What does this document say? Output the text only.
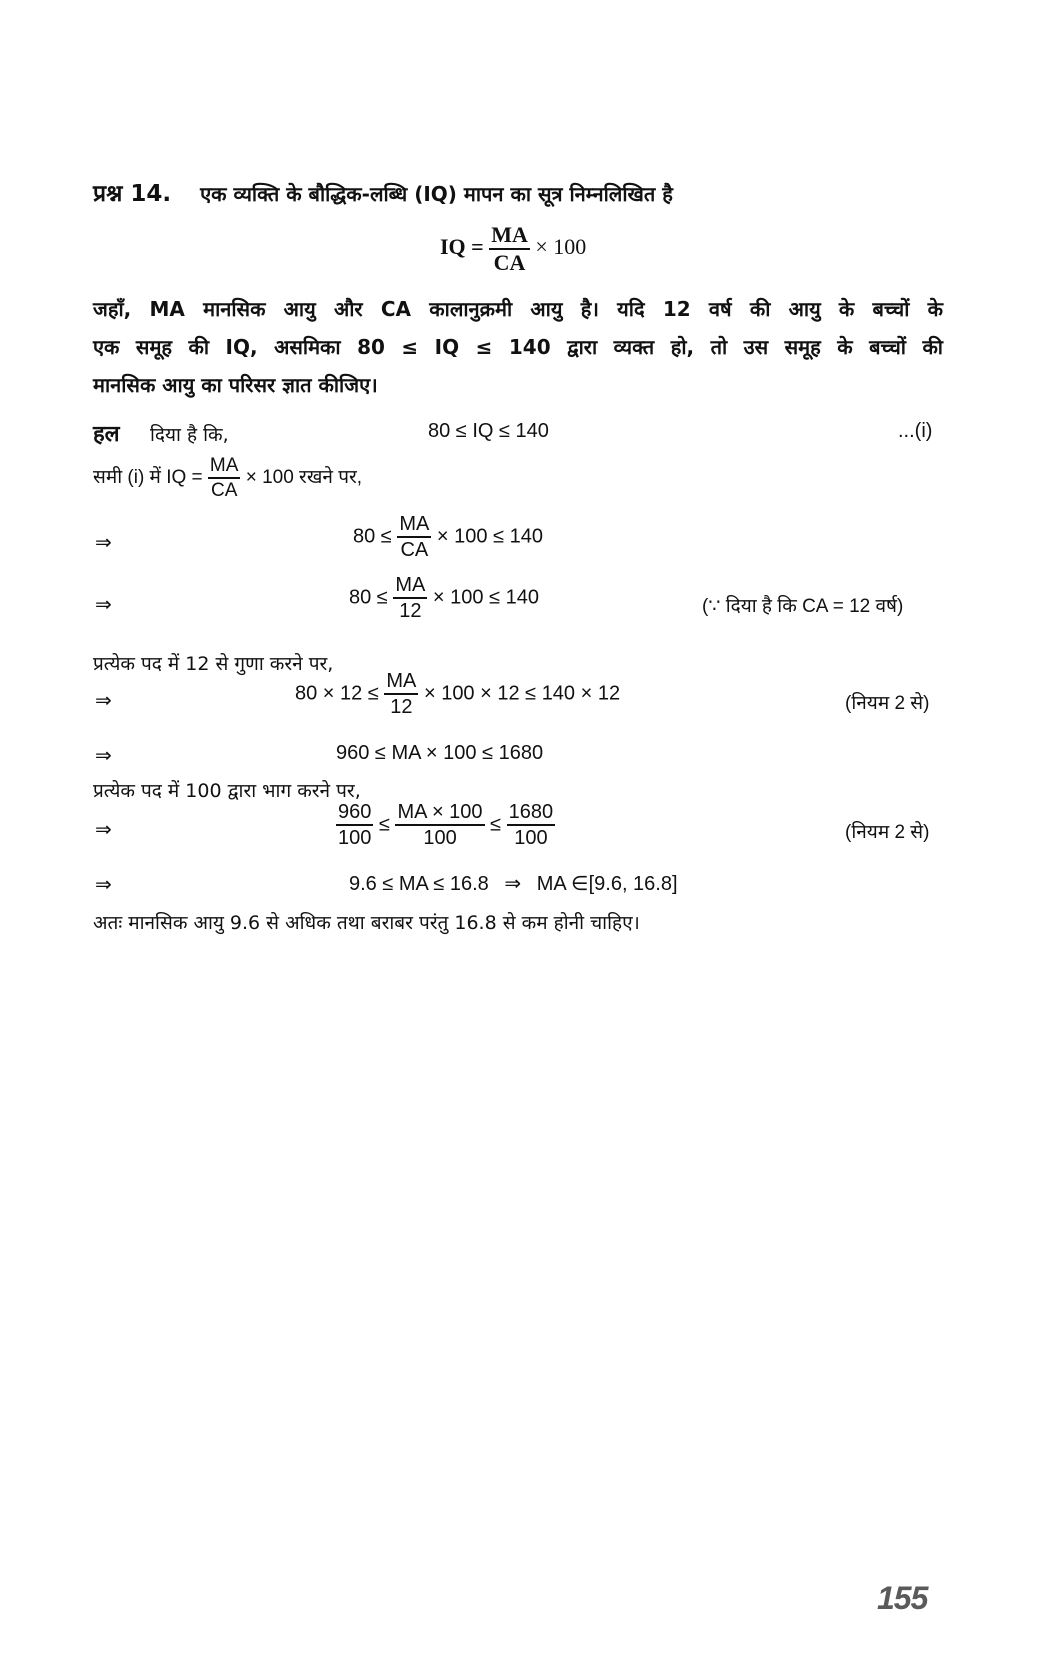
प्रश्न 14. एक व्यक्ति के बौद्धिक-लब्धि (IQ) मापन का सूत्र निम्नलिखित है
IQ = $\frac{MA}{CA} \times 100$
जहाँ, MA मानसिक आयु और CA कालानुक्रमी आयु है। यदि 12 वर्ष की आयु के बच्चों के
एक समूह की IQ, असमिका 80 ≤ IQ ≤ 140 द्वारा व्यक्त हो, तो उस समूह के बच्चों की
मानसिक आयु का परिसर ज्ञात कीजिए।
हल दिया है कि,	80 ≤ IQ ≤ 140	...(i)
समी (i) में IQ = $\frac{MA}{CA} \times 100$ रखने पर,
⇒	$80 \le \frac{MA}{CA} \times 100 \le 140$
⇒	$80 \le \frac{MA}{12} \times 100 \le 140$	(∵ दिया है कि CA = 12 वर्ष)
प्रत्येक पद में 12 से गुणा करने पर,
⇒	$80 \times 12 \le \frac{MA}{12} \times 100 \times 12 \le 140 \times 12$	(नियम 2 से)
⇒	960 ≤ MA × 100 ≤ 1680
प्रत्येक पद में 100 द्वारा भाग करने पर,
⇒	$\frac{960}{100} \le \frac{MA \times 100}{100} \le \frac{1680}{100}$	(नियम 2 से)
⇒	9.6 ≤ MA ≤ 16.8 ⇒ MA ∈[9.6, 16.8]
अतः मानसिक आयु 9.6 से अधिक तथा बराबर परंतु 16.8 से कम होनी चाहिए।
155
